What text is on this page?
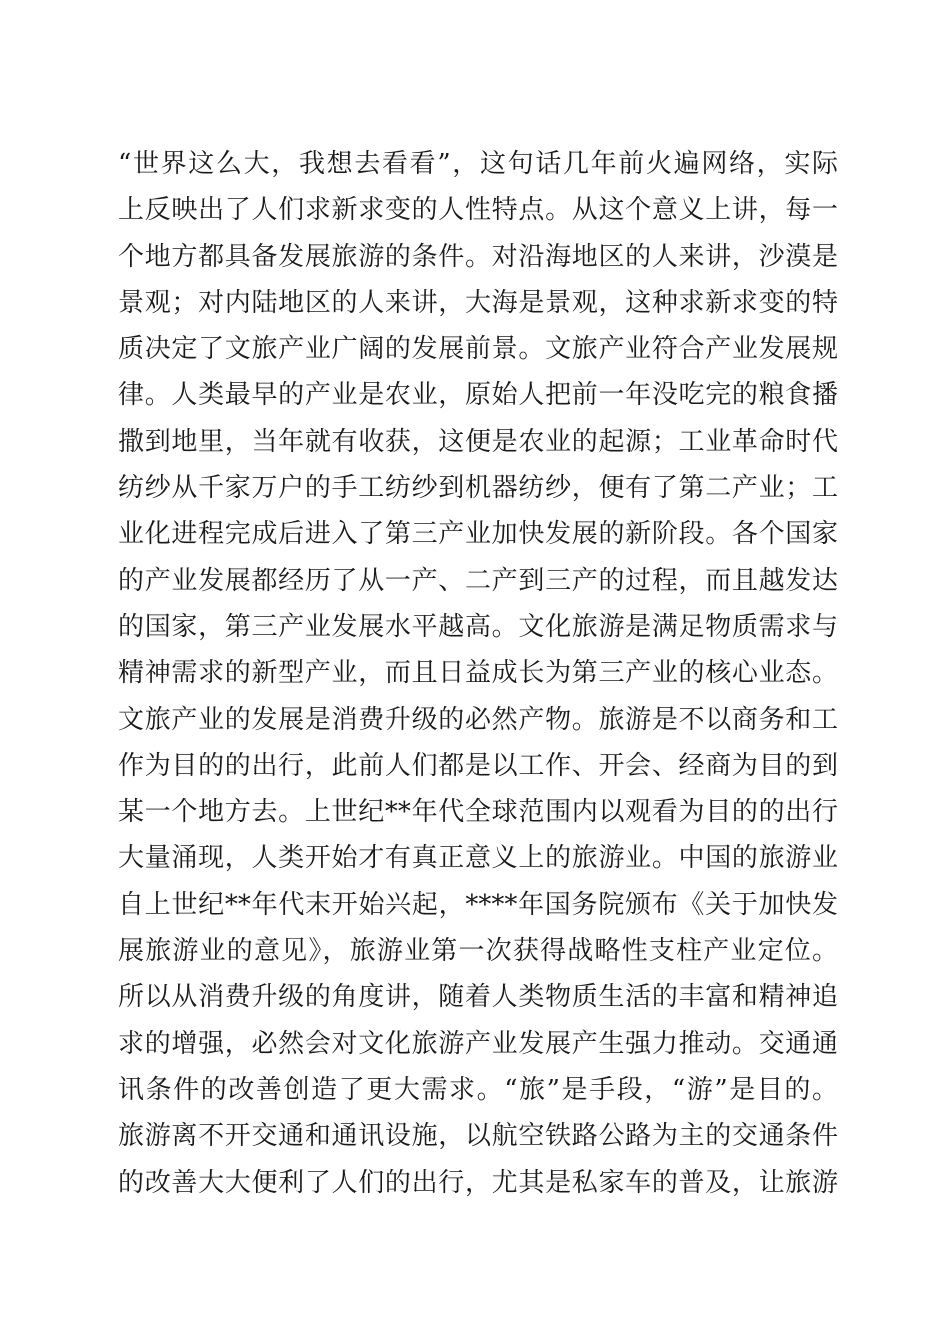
“世界这么大，我想去看看”，这句话几年前火遍网络，实际
上反映出了人们求新求变的人性特点。从这个意义上讲，每一
个地方都具备发展旅游的条件。对沿海地区的人来讲，沙漠是
景观；对内陆地区的人来讲，大海是景观，这种求新求变的特
质决定了文旅产业广阔的发展前景。文旅产业符合产业发展规
律。人类最早的产业是农业，原始人把前一年没吃完的粮食播
撒到地里，当年就有收获，这便是农业的起源；工业革命时代
纺纱从千家万户的手工纺纱到机器纺纱，便有了第二产业；工
业化进程完成后进入了第三产业加快发展的新阶段。各个国家
的产业发展都经历了从一产、二产到三产的过程，而且越发达
的国家，第三产业发展水平越高。文化旅游是满足物质需求与
精神需求的新型产业，而且日益成长为第三产业的核心业态。
文旅产业的发展是消费升级的必然产物。旅游是不以商务和工
作为目的的出行，此前人们都是以工作、开会、经商为目的到
某一个地方去。上世纪**年代全球范围内以观看为目的的出行
大量涌现，人类开始才有真正意义上的旅游业。中国的旅游业
自上世纪**年代末开始兴起，****年国务院颁布《关于加快发
展旅游业的意见》，旅游业第一次获得战略性支柱产业定位。
所以从消费升级的角度讲，随着人类物质生活的丰富和精神追
求的增强，必然会对文化旅游产业发展产生强力推动。交通通
讯条件的改善创造了更大需求。“旅”是手段，“游”是目的。
旅游离不开交通和通讯设施，以航空铁路公路为主的交通条件
的改善大大便利了人们的出行，尤其是私家车的普及，让旅游
